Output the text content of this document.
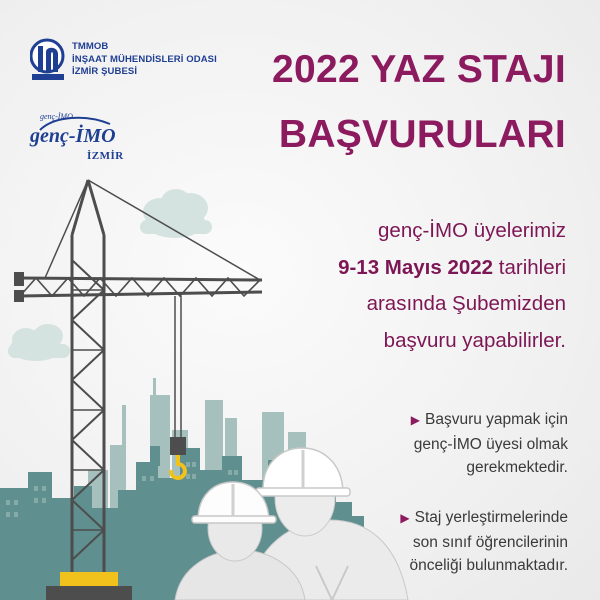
TMMOB
İNŞAAT MÜHENDİSLERİ ODASI
İZMİR ŞUBESİ
genç-İMO
genç-İMO
İZMİR
2022 YAZ STAJI
BAŞVURULARI
genç-İMO üyelerimiz
9-13 Mayıs 2022 tarihleri
arasında Şubemizden
başvuru yapabilirler.
▶ Başvuru yapmak için
genç-İMO üyesi olmak
gerekmektedir.
▶ Staj yerleştirmelerinde
son sınıf öğrencilerinin
önceliği bulunmaktadır.
